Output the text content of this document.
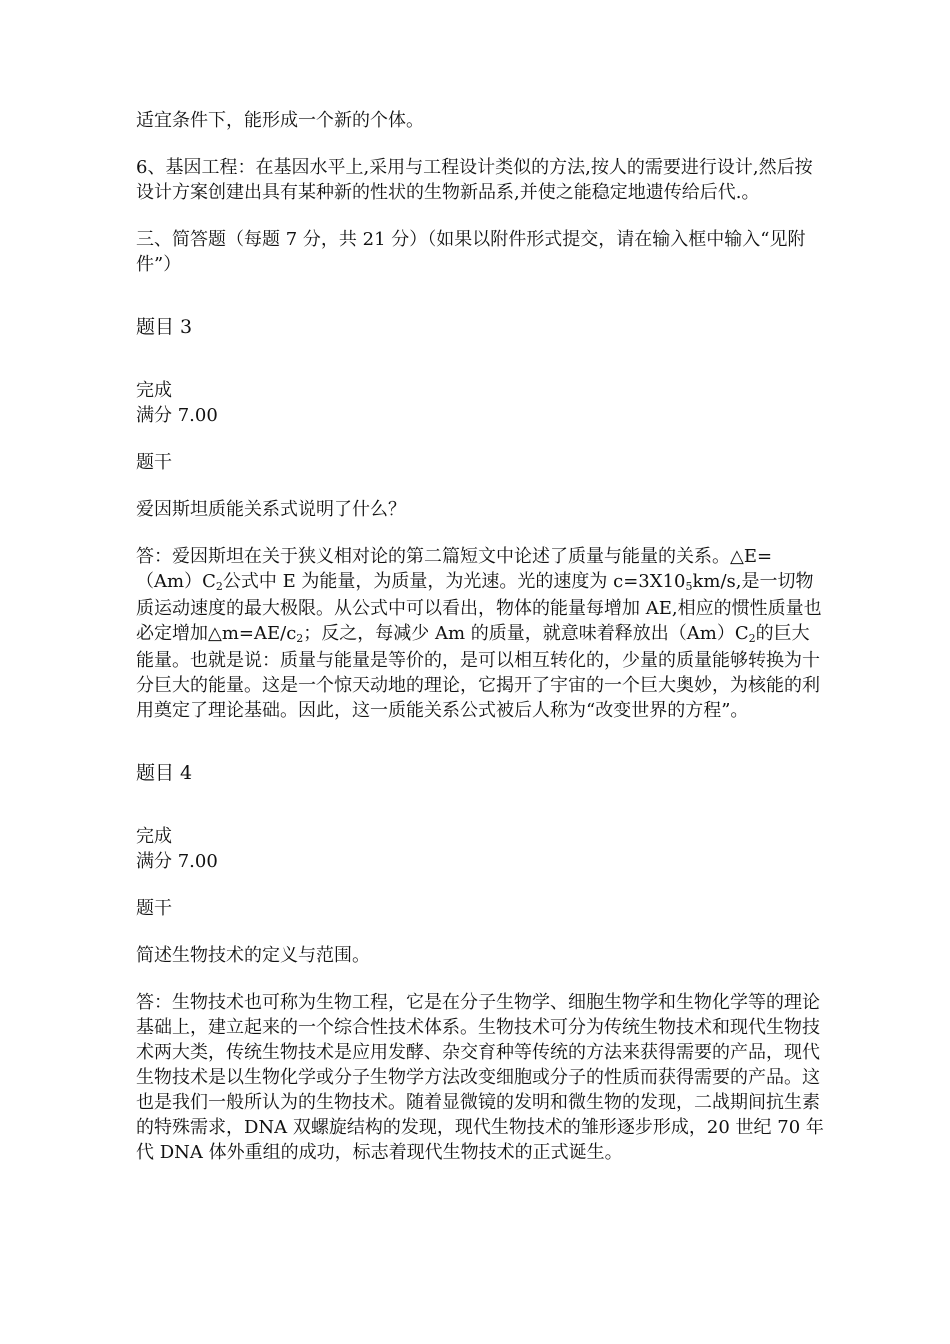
适宜条件下，能形成一个新的个体。

6、基因工程：在基因水平上,采用与工程设计类似的方法,按人的需要进行设计,然后按设计方案创建出具有某种新的性状的生物新品系,并使之能稳定地遗传给后代.。

三、简答题（每题 7 分，共 21 分）（如果以附件形式提交，请在输入框中输入“见附件”）

题目 3

完成

满分 7.00

题干

爱因斯坦质能关系式说明了什么？

答：爱因斯坦在关于狭义相对论的第二篇短文中论述了质量与能量的关系。$\triangle E=(Am)C_2$公式中 E 为能量，为质量，为光速。光的速度为 $c=3X10_5km/s$,是一切物质运动速度的最大极限。从公式中可以看出，物体的能量每增加 AE,相应的惯性质量也必定增加$\triangle m=AE/c_2$；反之，每减少 Am 的质量，就意味着释放出$(Am)C_2$的巨大能量。也就是说：质量与能量是等价的，是可以相互转化的，少量的质量能够转换为十分巨大的能量。这是一个惊天动地的理论，它揭开了宇宙的一个巨大奥妙，为核能的利用奠定了理论基础。因此，这一质能关系公式被后人称为“改变世界的方程”。

题目 4

完成

满分 7.00

题干

简述生物技术的定义与范围。

答：生物技术也可称为生物工程，它是在分子生物学、细胞生物学和生物化学等的理论基础上，建立起来的一个综合性技术体系。生物技术可分为传统生物技术和现代生物技术两大类，传统生物技术是应用发酵、杂交育种等传统的方法来获得需要的产品，现代生物技术是以生物化学或分子生物学方法改变细胞或分子的性质而获得需要的产品。这也是我们一般所认为的生物技术。随着显微镜的发明和微生物的发现，二战期间抗生素的特殊需求，DNA 双螺旋结构的发现，现代生物技术的雏形逐步形成，20 世纪 70 年代 DNA 体外重组的成功，标志着现代生物技术的正式诞生。
